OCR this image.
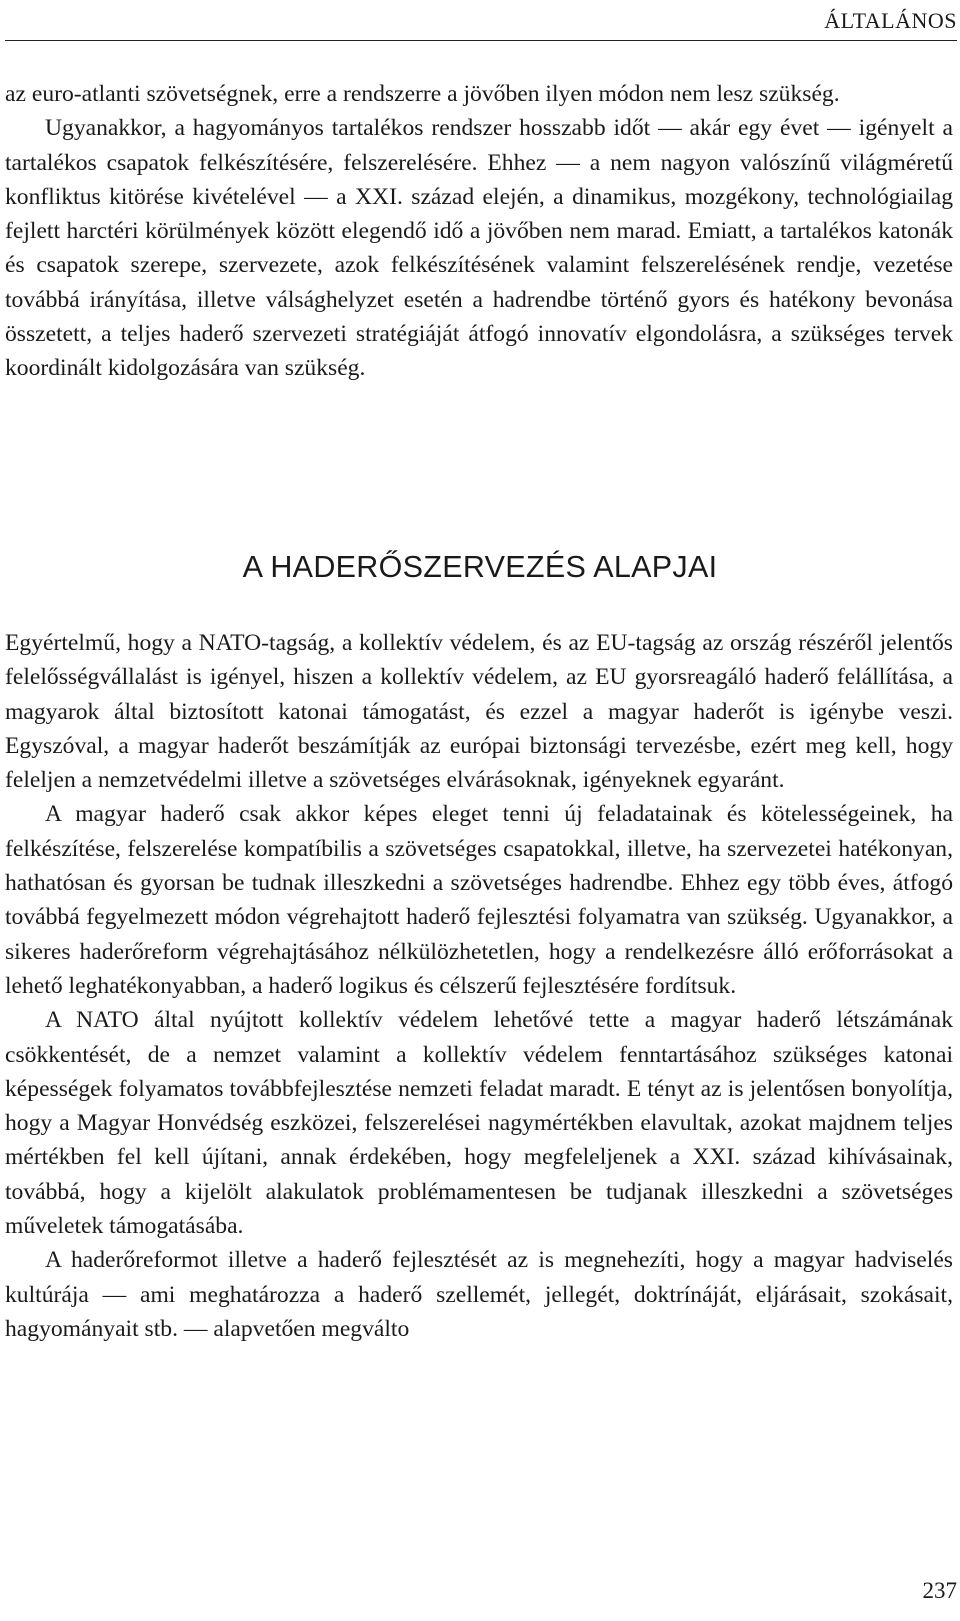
ÁLTALÁNOS

az euro-atlanti szövetségnek, erre a rendszerre a jövőben ilyen módon nem lesz szükség.

Ugyanakkor, a hagyományos tartalékos rendszer hosszabb időt — akár egy évet — igényelt a tartalékos csapatok felkészítésére, felszerelésére. Ehhez — a nem nagyon valószínű világméretű konfliktus kitörése kivételével — a XXI. század elején, a dinamikus, mozgékony, technológiailag fejlett harctéri körülmények között elegendő idő a jövőben nem marad. Emiatt, a tartalékos katonák és csapatok szerepe, szervezete, azok felkészítésének valamint felszerelésének rendje, vezetése továbbá irányítása, illetve válsághelyzet esetén a hadrendbe történő gyors és hatékony bevonása összetett, a teljes haderő szervezeti stratégiáját átfogó innovatív elgondolásra, a szükséges tervek koordinált kidolgozására van szükség.

A HADERŐSZERVEZÉS ALAPJAI

Egyértelmű, hogy a NATO-tagság, a kollektív védelem, és az EU-tagság az ország részéről jelentős felelősségvállalást is igényel, hiszen a kollektív védelem, az EU gyorsreagáló haderő felállítása, a magyarok által biztosított katonai támogatást, és ezzel a magyar haderőt is igénybe veszi. Egyszóval, a magyar haderőt beszámítják az európai biztonsági tervezésbe, ezért meg kell, hogy feleljen a nemzetvédelmi illetve a szövetséges elvárásoknak, igényeknek egyaránt.

A magyar haderő csak akkor képes eleget tenni új feladatainak és kötelességeinek, ha felkészítése, felszerelése kompatíbilis a szövetséges csapatokkal, illetve, ha szervezetei hatékonyan, hathatósan és gyorsan be tudnak illeszkedni a szövetséges hadrendbe. Ehhez egy több éves, átfogó továbbá fegyelmezett módon végrehajtott haderő fejlesztési folyamatra van szükség. Ugyanakkor, a sikeres haderőreform végrehajtásához nélkülözhetetlen, hogy a rendelkezésre álló erőforrásokat a lehető leghatékonyabban, a haderő logikus és célszerű fejlesztésére fordítsuk.

A NATO által nyújtott kollektív védelem lehetővé tette a magyar haderő létszámának csökkentését, de a nemzet valamint a kollektív védelem fenntartásához szükséges katonai képességek folyamatos továbbfejlesztése nemzeti feladat maradt. E tényt az is jelentősen bonyolítja, hogy a Magyar Honvédség eszközei, felszerelései nagymértékben elavultak, azokat majdnem teljes mértékben fel kell újítani, annak érdekében, hogy megfeleljenek a XXI. század kihívásainak, továbbá, hogy a kijelölt alakulatok problémamentesen be tudjanak illeszkedni a szövetséges műveletek támogatásába.

A haderőreformot illetve a haderő fejlesztését az is megnehezíti, hogy a magyar hadviselés kultúrája — ami meghatározza a haderő szellemét, jellegét, doktrínáját, eljárásait, szokásait, hagyományait stb. — alapvetően megválto

237
